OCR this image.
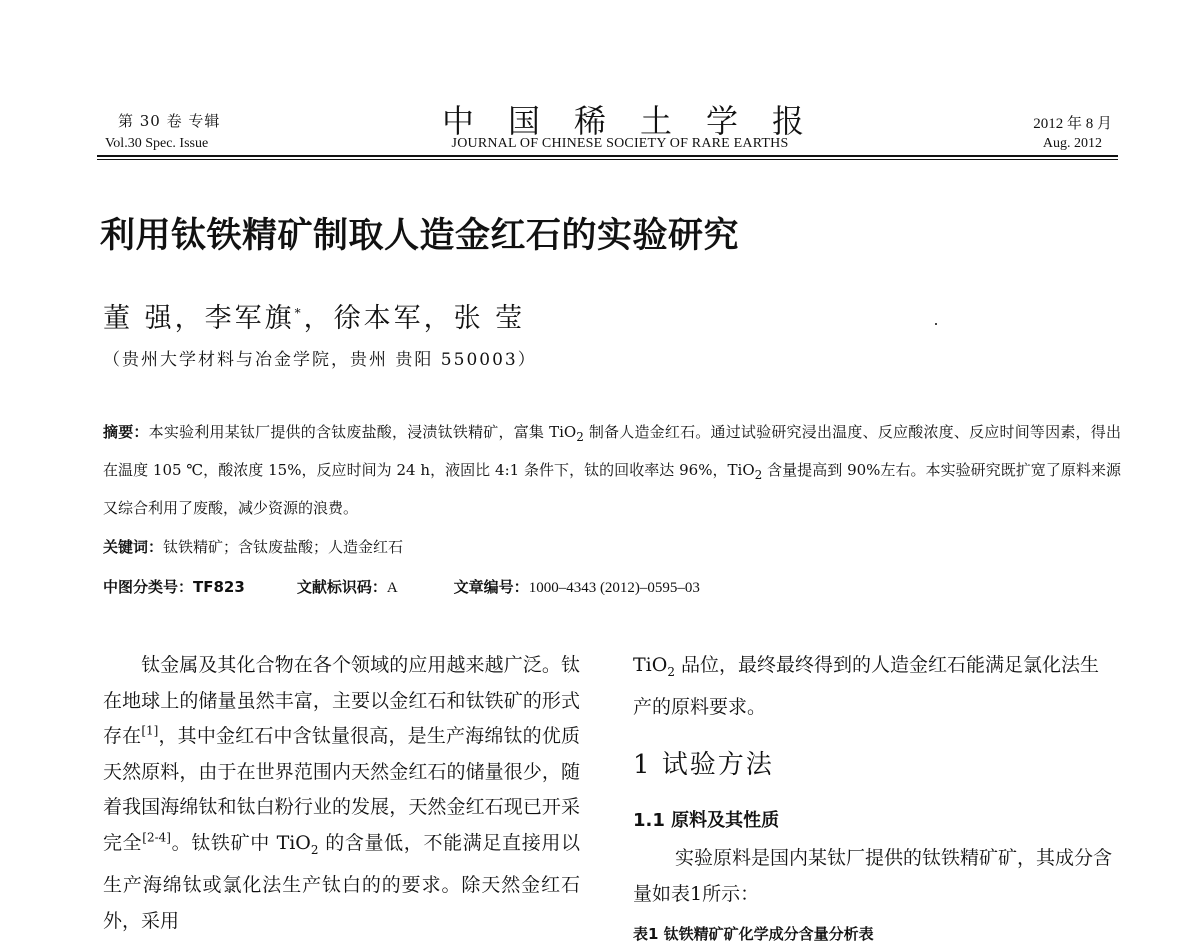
第 30 卷 专辑
Vol.30 Spec. Issue
中国稀土学报
JOURNAL OF CHINESE SOCIETY OF RARE EARTHS
2012 年 8 月
Aug. 2012
利用钛铁精矿制取人造金红石的实验研究
董 强，李军旗*，徐本军，张 莹
（贵州大学材料与冶金学院，贵州 贵阳 550003）
摘要：本实验利用某钛厂提供的含钛废盐酸，浸渍钛铁精矿，富集 TiO$_2$ 制备人造金红石。通过试验研究浸出温度、反应酸浓度、反应时间等因素，得出在温度 105 ℃，酸浓度 15%，反应时间为 24 h，液固比 4:1 条件下，钛的回收率达 96%，TiO$_2$ 含量提高到 90%左右。本实验研究既扩宽了原料来源又综合利用了废酸，减少资源的浪费。
关键词：钛铁精矿；含钛废盐酸；人造金红石
中图分类号：TF823	文献标识码：A	文章编号：1000–4343 (2012)–0595–03
钛金属及其化合物在各个领域的应用越来越广泛。钛在地球上的储量虽然丰富，主要以金红石和钛铁矿的形式存在[1]，其中金红石中含钛量很高，是生产海绵钛的优质天然原料，由于在世界范围内天然金红石的储量很少，随着我国海绵钛和钛白粉行业的发展，天然金红石现已开采完全[2-4]。钛铁矿中 TiO$_2$ 的含量低，不能满足直接用以生产海绵钛或氯化法生产钛白的的要求。除天然金红石外，采用
TiO$_2$ 品位，最终最终得到的人造金红石能满足氯化法生产的原料要求。
1 试验方法
1.1 原料及其性质
实验原料是国内某钛厂提供的钛铁精矿矿，其成分含量如表1所示：
表1 钛铁精矿矿化学成分含量分析表
